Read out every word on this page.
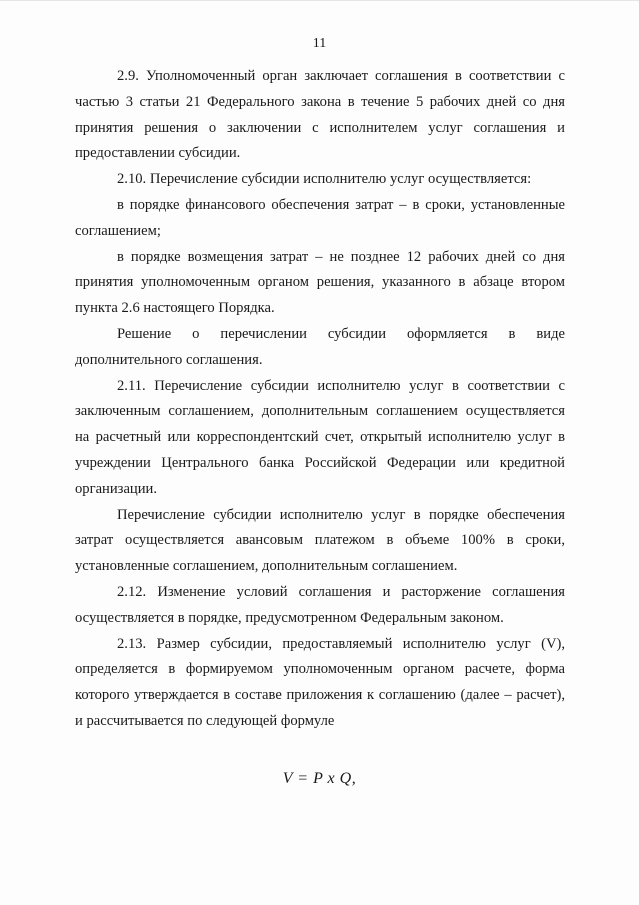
11

2.9. Уполномоченный орган заключает соглашения в соответствии с частью 3 статьи 21 Федерального закона в течение 5 рабочих дней со дня принятия решения о заключении с исполнителем услуг соглашения и предоставлении субсидии.

2.10. Перечисление субсидии исполнителю услуг осуществляется:

в порядке финансового обеспечения затрат – в сроки, установленные соглашением;

в порядке возмещения затрат – не позднее 12 рабочих дней со дня принятия уполномоченным органом решения, указанного в абзаце втором пункта 2.6 настоящего Порядка.

Решение о перечислении субсидии оформляется в виде дополнительного соглашения.

2.11. Перечисление субсидии исполнителю услуг в соответствии с заключенным соглашением, дополнительным соглашением осуществляется на расчетный или корреспондентский счет, открытый исполнителю услуг в учреждении Центрального банка Российской Федерации или кредитной организации.

Перечисление субсидии исполнителю услуг в порядке обеспечения затрат осуществляется авансовым платежом в объеме 100% в сроки, установленные соглашением, дополнительным соглашением.

2.12. Изменение условий соглашения и расторжение соглашения осуществляется в порядке, предусмотренном Федеральным законом.

2.13. Размер субсидии, предоставляемый исполнителю услуг (V), определяется в формируемом уполномоченным органом расчете, форма которого утверждается в составе приложения к соглашению (далее – расчет), и рассчитывается по следующей формуле

V = P x Q,
